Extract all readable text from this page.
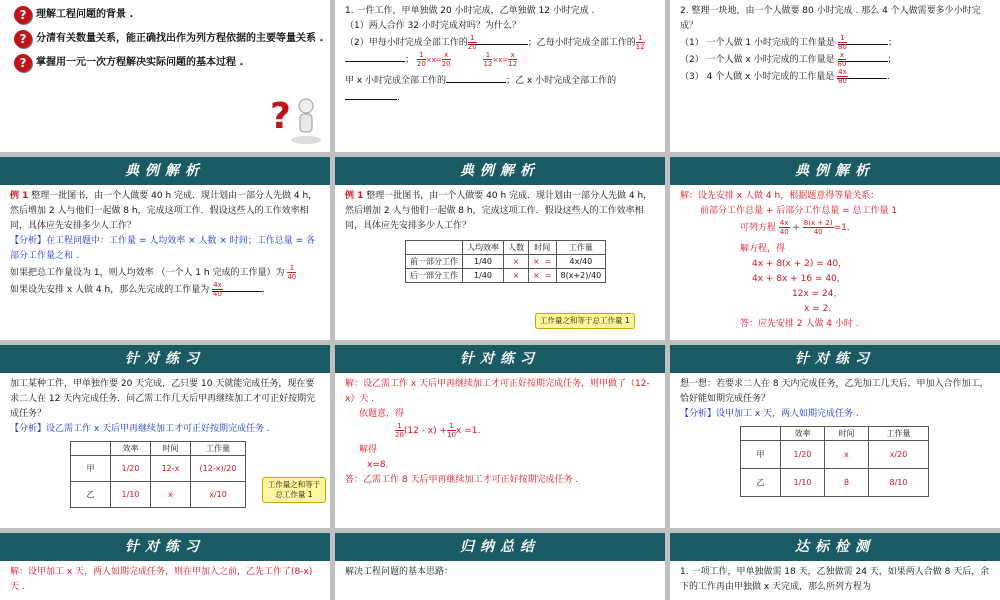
? 理解工程问题的背景 .
? 分清有关数量关系，能正确找出作为列方程依据的主要等量关系 .
? 掌握用一元一次方程解决实际问题的基本过程 .
?
1. 一件工作，甲单独做 20 小时完成，乙单独做 12 小时完成 .
（1）两人合作 32 小时完成对吗？为什么？
（2）甲每小时完成全部工作的 $\frac{1}{20}$	；乙每小时完成全部工作的 $\frac{1}{12}$
； $\frac{1}{20} \times x= \frac{x}{20}$
	$\frac{1}{12} \times x= \frac{x}{12}$
甲 x 小时完成全部工作的	；乙 x 小时完成全部工作的
.
2. 整理一块地，由一个人做要 80 小时完成 . 那么 4 个人做需要多少小时完成？
（1） 一个人做 1 小时完成的工作量是 $\frac{1}{80}$	；
（2） 一个人做 x 小时完成的工作量是 $\frac{x}{80}$	；
（3） 4 个人做 x 小时完成的工作量是 $\frac{4x}{80}$	.
典例解析
例 1 整理一批图书，由一个人做要 40 h 完成．现计划由一部分人先做 4 h，然后增加 2 人与他们一起做 8 h，完成这项工作．假设这些人的工作效率相同，具体应先安排多少人工作？
【分析】在工程问题中：工作量 = 人均效率 × 人数 × 时间；工作总量 = 各部分工作量之和 .
如果把总工作量设为 1，则人均效率 （一个人 1 h 完成的工作量）为 $\frac{1}{40}$
如果设先安排 x 人做 4 h，那么先完成的工作量为 $\frac{4x}{40}$	.
典例解析
例 1 整理一批图书，由一个人做要 40 h 完成．现计划由一部分人先做 4 h，然后增加 2 人与他们一起做 8 h，完成这项工作．假设这些人的工作效率相同，具体应先安排多少人工作？
	人均效率	人数	时间	工作量
前一部分工作	1/40	×	× =	4x/40
后一部分工作	1/40	×	× =	8(x+2)/40
工作量之和等于总工作量 1
典例解析
解：设先安排 x 人做 4 h，根据题意得等量关系：
前部分工作总量 + 后部分工作总量 = 总工作量 1
可列方程 $\frac{4x}{40} + \frac{8(x + 2)}{40} =1$.
解方程，得
4x + 8(x + 2) = 40，
4x + 8x + 16 = 40，
12x = 24，
x = 2.
答：应先安排 2 人做 4 小时 .
针对练习
加工某种工件，甲单独作要 20 天完成，乙只要 10 天就能完成任务，现在要求二人在 12 天内完成任务．问乙需工作几天后甲再继续加工才可正好按期完成任务？
【分析】设乙需工作 x 天后甲再继续加工才可正好按期完成任务 .
	效率	时间	工作量
甲	1/20	12-x	(12-x)/20
乙	1/10	x	x/10
工作量之和等于总工作量 1
针对练习
解：设乙需工作 x 天后甲再继续加工才可正好按期完成任务，则甲做了（12-x）天 .
依题意，得
$\frac{1}{20} (12 - x) + \frac{1}{10}$ x =1.
解得
x=8.
答：乙需工作 8 天后甲再继续加工才可正好按期完成任务 .
针对练习
想一想：若要求二人在 8 天内完成任务，乙先加工几天后，甲加入合作加工，恰好能如期完成任务？
【分析】设甲加工 x 天，两人如期完成任务 .
	效率	时间	工作量
甲	1/20	x	x/20
乙	1/10	8	8/10
针对练习
解：设甲加工 x 天，两人如期完成任务，则在甲加入之前，乙先工作了(8-x) 天 .
归纳总结
解决工程问题的基本思路：
达标检测
1. 一项工作，甲单独做需 18 天，乙独做需 24 天，如果两人合做 8 天后，余下的工作再由甲独做 x 天完成，那么所列方程为
